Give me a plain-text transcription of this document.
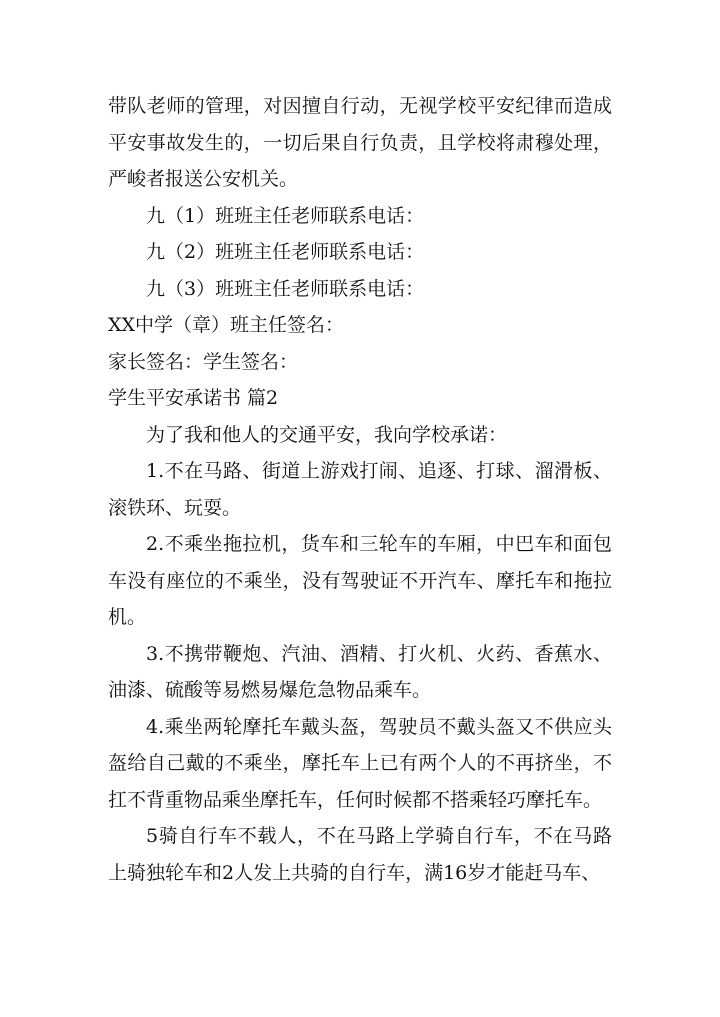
带队老师的管理，对因擅自行动，无视学校平安纪律而造成平安事故发生的，一切后果自行负责，且学校将肃穆处理，严峻者报送公安机关。

九（1）班班主任老师联系电话：

九（2）班班主任老师联系电话：

九（3）班班主任老师联系电话：

XX中学（章）班主任签名：

家长签名：学生签名：

学生平安承诺书 篇2

为了我和他人的交通平安，我向学校承诺：

1.不在马路、街道上游戏打闹、追逐、打球、溜滑板、滚铁环、玩耍。

2.不乘坐拖拉机，货车和三轮车的车厢，中巴车和面包车没有座位的不乘坐，没有驾驶证不开汽车、摩托车和拖拉机。

3.不携带鞭炮、汽油、酒精、打火机、火药、香蕉水、油漆、硫酸等易燃易爆危急物品乘车。

4.乘坐两轮摩托车戴头盔，驾驶员不戴头盔又不供应头盔给自己戴的不乘坐，摩托车上已有两个人的不再挤坐，不扛不背重物品乘坐摩托车，任何时候都不搭乘轻巧摩托车。

5骑自行车不载人，不在马路上学骑自行车，不在马路上骑独轮车和2人发上共骑的自行车，满16岁才能赶马车、
